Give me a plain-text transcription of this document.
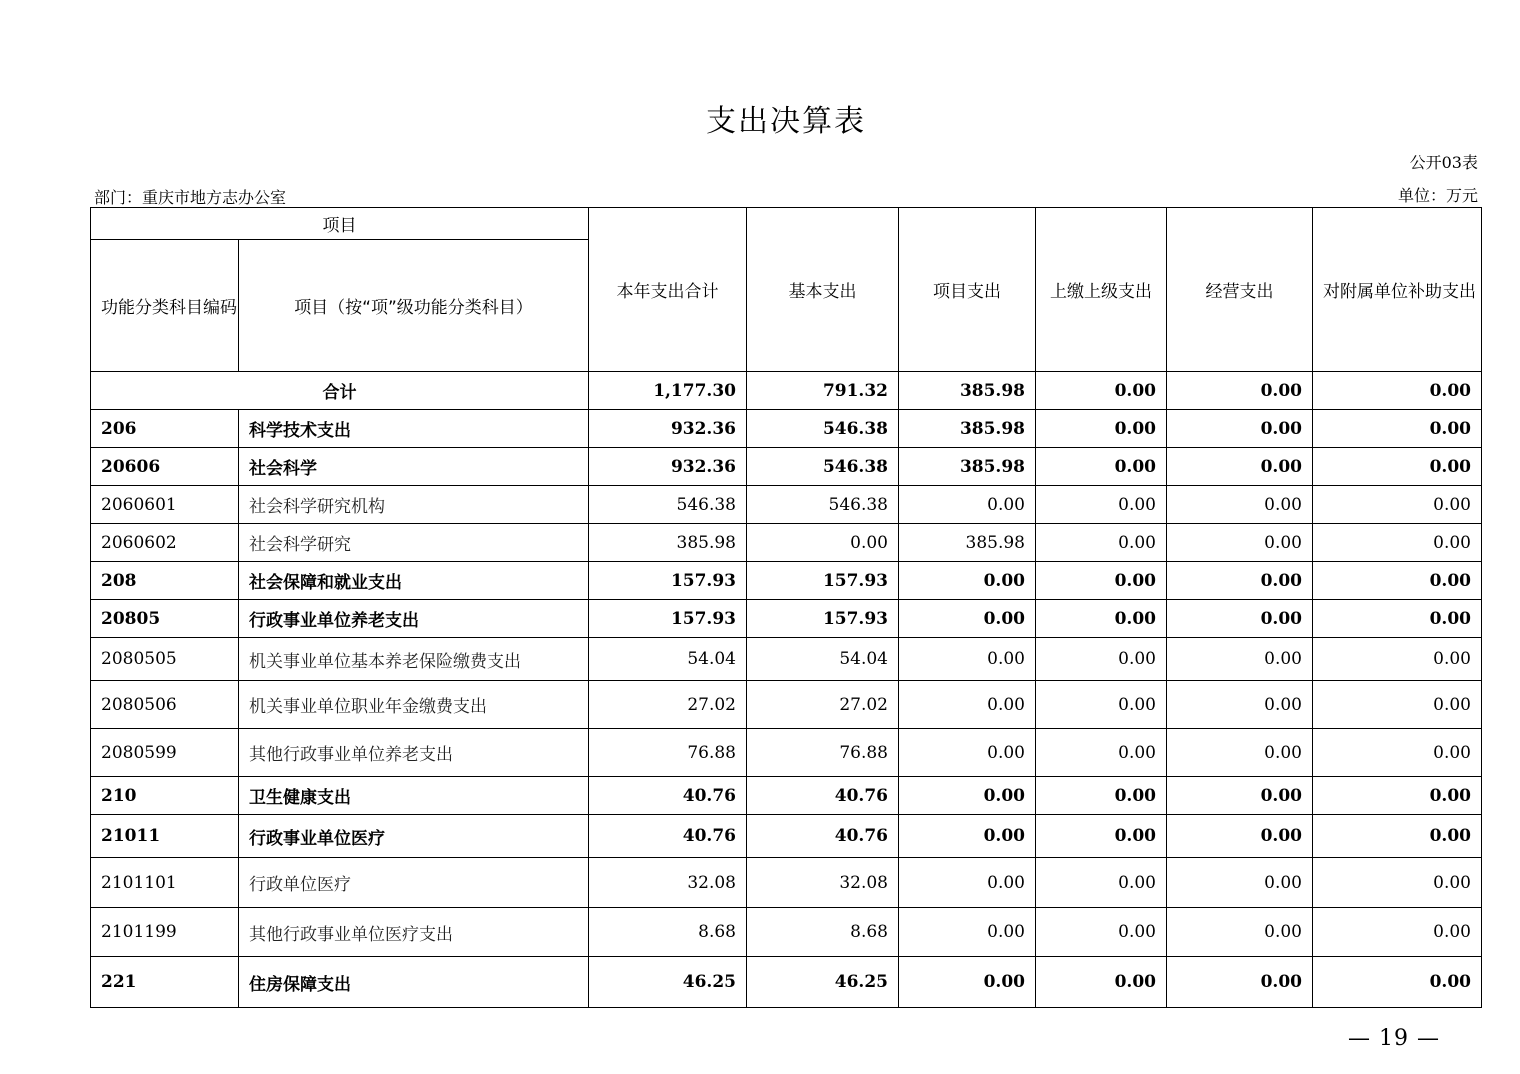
支出决算表
公开03表
部门：重庆市地方志办公室	单位：万元
项目		本年支出合计	基本支出	项目支出	上缴上级支出	经营支出	对附属单位补助支出
功能分类科目编码	项目（按“项”级功能分类科目）						
合计		1,177.30	791.32	385.98	0.00	0.00	0.00
206	科学技术支出	932.36	546.38	385.98	0.00	0.00	0.00
20606	社会科学	932.36	546.38	385.98	0.00	0.00	0.00
2060601	社会科学研究机构	546.38	546.38	0.00	0.00	0.00	0.00
2060602	社会科学研究	385.98	0.00	385.98	0.00	0.00	0.00
208	社会保障和就业支出	157.93	157.93	0.00	0.00	0.00	0.00
20805	行政事业单位养老支出	157.93	157.93	0.00	0.00	0.00	0.00
2080505	机关事业单位基本养老保险缴费支出	54.04	54.04	0.00	0.00	0.00	0.00
2080506	机关事业单位职业年金缴费支出	27.02	27.02	0.00	0.00	0.00	0.00
2080599	其他行政事业单位养老支出	76.88	76.88	0.00	0.00	0.00	0.00
210	卫生健康支出	40.76	40.76	0.00	0.00	0.00	0.00
21011	行政事业单位医疗	40.76	40.76	0.00	0.00	0.00	0.00
2101101	行政单位医疗	32.08	32.08	0.00	0.00	0.00	0.00
2101199	其他行政事业单位医疗支出	8.68	8.68	0.00	0.00	0.00	0.00
221	住房保障支出	46.25	46.25	0.00	0.00	0.00	0.00
— 19 —
